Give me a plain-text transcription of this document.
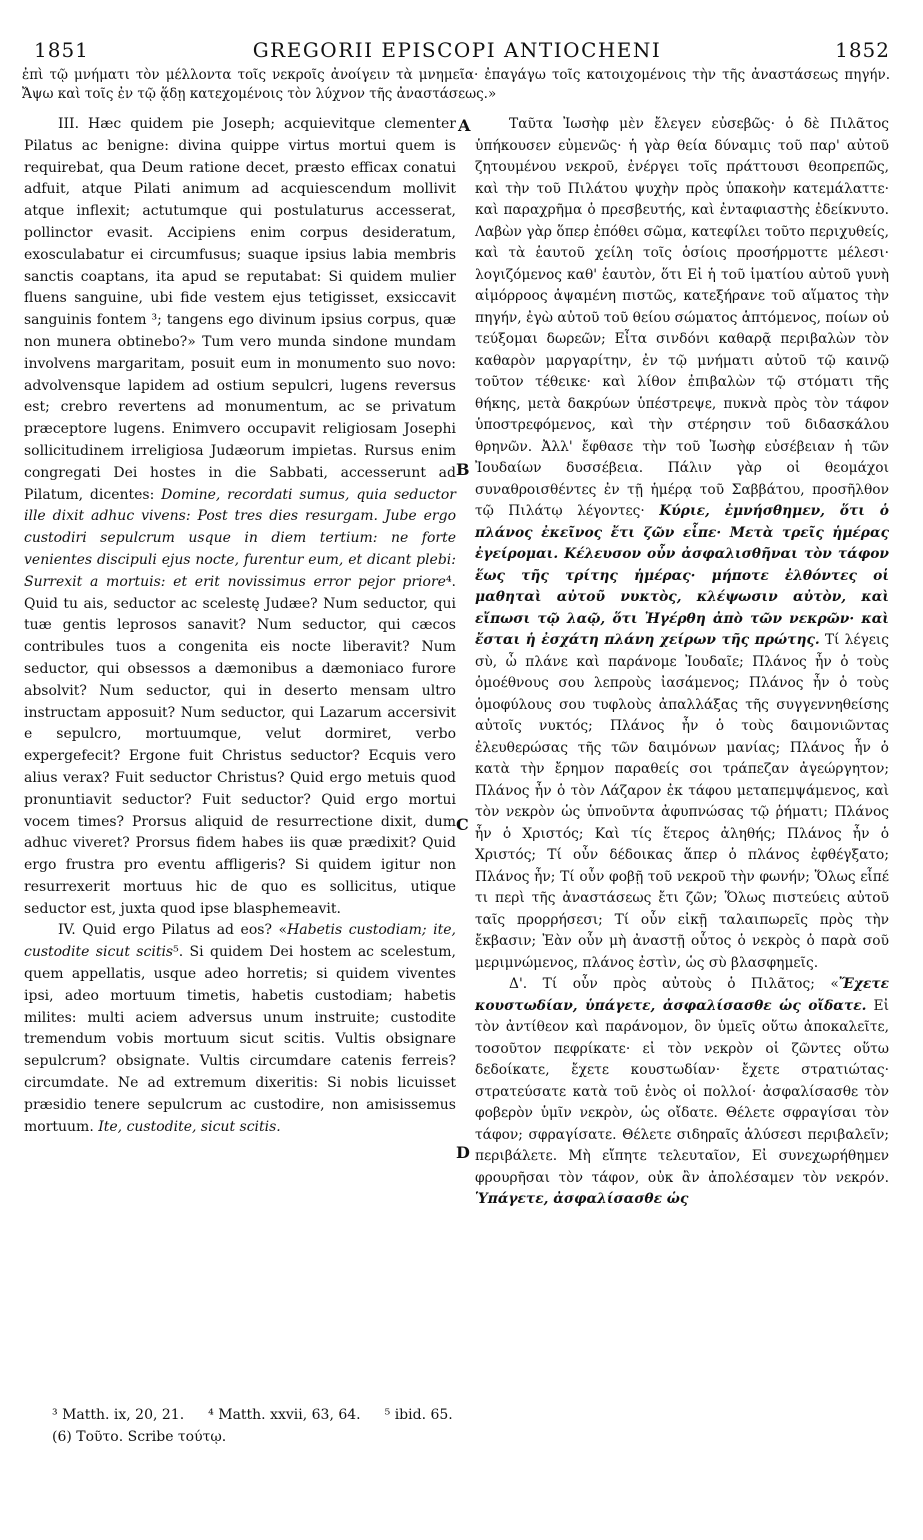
1851	GREGORII EPISCOPI ANTIOCHENI	1852
ἐπὶ τῷ μνήματι τὸν μέλλοντα τοῖς νεκροῖς ἀνοίγειν τὰ μνημεῖα· ἐπαγάγω τοῖς κατοιχομένοις τὴν τῆς ἀναστάσεως πηγήν. Ἄψω καὶ τοῖς ἐν τῷ ᾅδῃ κατεχομένοις τὸν λύχνον τῆς ἀναστάσεως.»

III. Hæc quidem pie Joseph; acquievitque clementer Pilatus ac benigne: divina quippe virtus mortui quem is requirebat, qua Deum ratione decet, præsto efficax conatui adfuit, atque Pilati animum ad acquiescendum mollivit atque inflexit; actutumque qui postulaturus accesserat, pollinctor evasit. Accipiens enim corpus desideratum, exosculabatur ei circumfusus; suaque ipsius labia membris sanctis coaptans, ita apud se reputabat: Si quidem mulier fluens sanguine, ubi fide vestem ejus tetigisset, exsiccavit sanguinis fontem ³; tangens ego divinum ipsius corpus, quæ non munera obtinebo?» Tum vero munda sindone mundam involvens margaritam, posuit eum in monumento suo novo: advolvensque lapidem ad ostium sepulcri, lugens reversus est; crebro revertens ad monumentum, ac se privatum præceptore lugens. Enimvero occupavit religiosam Josephi sollicitudinem irreligiosa Judæorum impietas. Rursus enim congregati Dei hostes in die Sabbati, accesserunt ad Pilatum, dicentes: Domine, recordati sumus, quia seductor ille dixit adhuc vivens: Post tres dies resurgam. Jube ergo custodiri sepulcrum usque in diem tertium: ne forte venientes discipuli ejus nocte, furentur eum, et dicant plebi: Surrexit a mortuis: et erit novissimus error pejor priore⁴. Quid tu ais, seductor ac scelestę Judæe? Num seductor, qui tuæ gentis leprosos sanavit? Num seductor, qui cæcos contribules tuos a congenita eis nocte liberavit? Num seductor, qui obsessos a dæmonibus a dæmoniaco furore absolvit? Num seductor, qui in deserto mensam ultro instructam apposuit? Num seductor, qui Lazarum accersivit e sepulcro, mortuumque, velut dormiret, verbo expergefecit? Ergone fuit Christus seductor? Ecquis vero alius verax? Fuit seductor Christus? Quid ergo metuis quod pronuntiavit seductor? Fuit seductor? Quid ergo mortui vocem times? Prorsus aliquid de resurrectione dixit, dum adhuc viveret? Prorsus fidem habes iis quæ prædixit? Quid ergo frustra pro eventu affligeris? Si quidem igitur non resurrexerit mortuus hic de quo es sollicitus, utique seductor est, juxta quod ipse blasphemeavit.

IV. Quid ergo Pilatus ad eos? «Habetis custodiam; ite, custodite sicut scitis⁵. Si quidem Dei hostem ac scelestum, quem appellatis, usque adeo horretis; si quidem viventes ipsi, adeo mortuum timetis, habetis custodiam; habetis milites: multi aciem adversus unum instruite; custodite tremendum vobis mortuum sicut scitis. Vultis obsignare sepulcrum? obsignate. Vultis circumdare catenis ferreis? circumdate. Ne ad extremum dixeritis: Si nobis licuisset præsidio tenere sepulcrum ac custodire, non amisissemus mortuum. Ite, custodite, sicut scitis.

Ταῦτα Ἰωσὴφ μὲν ἔλεγεν εὐσεβῶς· ὁ δὲ Πιλᾶτος ὑπήκουσεν εὐμενῶς· ἡ γὰρ θεία δύναμις τοῦ παρ' αὐτοῦ ζητουμένου νεκροῦ, ἐνέργει τοῖς πράττουσι θεοπρεπῶς, καὶ τὴν τοῦ Πιλάτου ψυχὴν πρὸς ὑπακοὴν κατεμάλαττε· καὶ παραχρῆμα ὁ πρεσβευτής, καὶ ἐνταφιαστὴς ἐδείκνυτο. Λαβὼν γὰρ ὅπερ ἐπόθει σῶμα, κατεφίλει τοῦτο περιχυθείς, καὶ τὰ ἑαυτοῦ χείλη τοῖς ὁσίοις προσήρμοττε μέλεσι· λογιζόμενος καθ' ἑαυτὸν, ὅτι Εἰ ἡ τοῦ ἱματίου αὐτοῦ γυνὴ αἱμόρροος ἁψαμένη πιστῶς, κατεξήρανε τοῦ αἵματος τὴν πηγήν, ἐγὼ αὐτοῦ τοῦ θείου σώματος ἁπτόμενος, ποίων οὐ τεύξομαι δωρεῶν; Εἶτα σινδόνι καθαρᾷ περιβαλὼν τὸν καθαρὸν μαργαρίτην, ἐν τῷ μνήματι αὐτοῦ τῷ καινῷ τοῦτον τέθεικε· καὶ λίθον ἐπιβαλὼν τῷ στόματι τῆς θήκης, μετὰ δακρύων ὑπέστρεψε, πυκνὰ πρὸς τὸν τάφον ὑποστρεφόμενος, καὶ τὴν στέρησιν τοῦ διδασκάλου θρηνῶν. Ἀλλ' ἔφθασε τὴν τοῦ Ἰωσὴφ εὐσέβειαν ἡ τῶν Ἰουδαίων δυσσέβεια. Πάλιν γὰρ οἱ θεομάχοι συναθροισθέντες ἐν τῇ ἡμέρᾳ τοῦ Σαββάτου, προσῆλθον τῷ Πιλάτῳ λέγοντες· Κύριε, ἐμνήσθημεν, ὅτι ὁ πλάνος ἐκεῖνος ἔτι ζῶν εἶπε· Μετὰ τρεῖς ἡμέρας ἐγείρομαι. Κέλευσον οὖν ἀσφαλισθῆναι τὸν τάφον ἕως τῆς τρίτης ἡμέρας· μήποτε ἐλθόντες οἱ μαθηταὶ αὐτοῦ νυκτὸς, κλέψωσιν αὐτὸν, καὶ εἴπωσι τῷ λαῷ, ὅτι Ἠγέρθη ἀπὸ τῶν νεκρῶν· καὶ ἔσται ἡ ἐσχάτη πλάνη χείρων τῆς πρώτης. Τί λέγεις σὺ, ὦ πλάνε καὶ παράνομε Ἰουδαῖε; Πλάνος ἦν ὁ τοὺς ὁμοέθνους σου λεπροὺς ἰασάμενος; Πλάνος ἦν ὁ τοὺς ὁμοφύλους σου τυφλοὺς ἀπαλλάξας τῆς συγγεννηθείσης αὐτοῖς νυκτός; Πλάνος ἦν ὁ τοὺς δαιμονιῶντας ἐλευθερώσας τῆς τῶν δαιμόνων μανίας; Πλάνος ἦν ὁ κατὰ τὴν ἔρημον παραθείς σοι τράπεζαν ἀγεώργητον; Πλάνος ἦν ὁ τὸν Λάζαρον ἐκ τάφου μεταπεμψάμενος, καὶ τὸν νεκρὸν ὡς ὑπνοῦντα ἀφυπνώσας τῷ ῥήματι; Πλάνος ἦν ὁ Χριστός; Καὶ τίς ἕτερος ἀληθής; Πλάνος ἦν ὁ Χριστός; Τί οὖν δέδοικας ἅπερ ὁ πλάνος ἐφθέγξατο; Πλάνος ἦν; Τί οὖν φοβῇ τοῦ νεκροῦ τὴν φωνήν; Ὅλως εἶπέ τι περὶ τῆς ἀναστάσεως ἔτι ζῶν; Ὅλως πιστεύεις αὐτοῦ ταῖς προρρήσεσι; Τί οὖν εἰκῇ ταλαιπωρεῖς πρὸς τὴν ἔκβασιν; Ἐὰν οὖν μὴ ἀναστῇ οὗτος ὁ νεκρὸς ὁ παρὰ σοῦ μεριμνώμενος, πλάνος ἐστὶν, ὡς σὺ βλασφημεῖς.

Δ'. Τί οὖν πρὸς αὐτοὺς ὁ Πιλᾶτος; «Ἔχετε κουστωδίαν, ὑπάγετε, ἀσφαλίσασθε ὡς οἴδατε. Εἰ τὸν ἀντίθεον καὶ παράνομον, ὃν ὑμεῖς οὕτω ἀποκαλεῖτε, τοσοῦτον πεφρίκατε· εἰ τὸν νεκρὸν οἱ ζῶντες οὕτω δεδοίκατε, ἔχετε κουστωδίαν· ἔχετε στρατιώτας· στρατεύσατε κατὰ τοῦ ἑνὸς οἱ πολλοί· ἀσφαλίσασθε τὸν φοβερὸν ὑμῖν νεκρὸν, ὡς οἴδατε. Θέλετε σφραγίσαι τὸν τάφον; σφραγίσατε. Θέλετε σιδηραῖς ἁλύσεσι περιβαλεῖν; περιβάλετε. Μὴ εἴπητε τελευταῖον, Εἰ συνεχωρήθημεν φρουρῆσαι τὸν τάφον, οὐκ ἂν ἀπολέσαμεν τὸν νεκρόν. Ὑπάγετε, ἀσφαλίσασθε ὡς

A
B
C
D
³ Matth. ix, 20, 21. ⁴ Matth. xxvii, 63, 64. ⁵ ibid. 65.
(6) Τοῦτο. Scribe τούτῳ.
